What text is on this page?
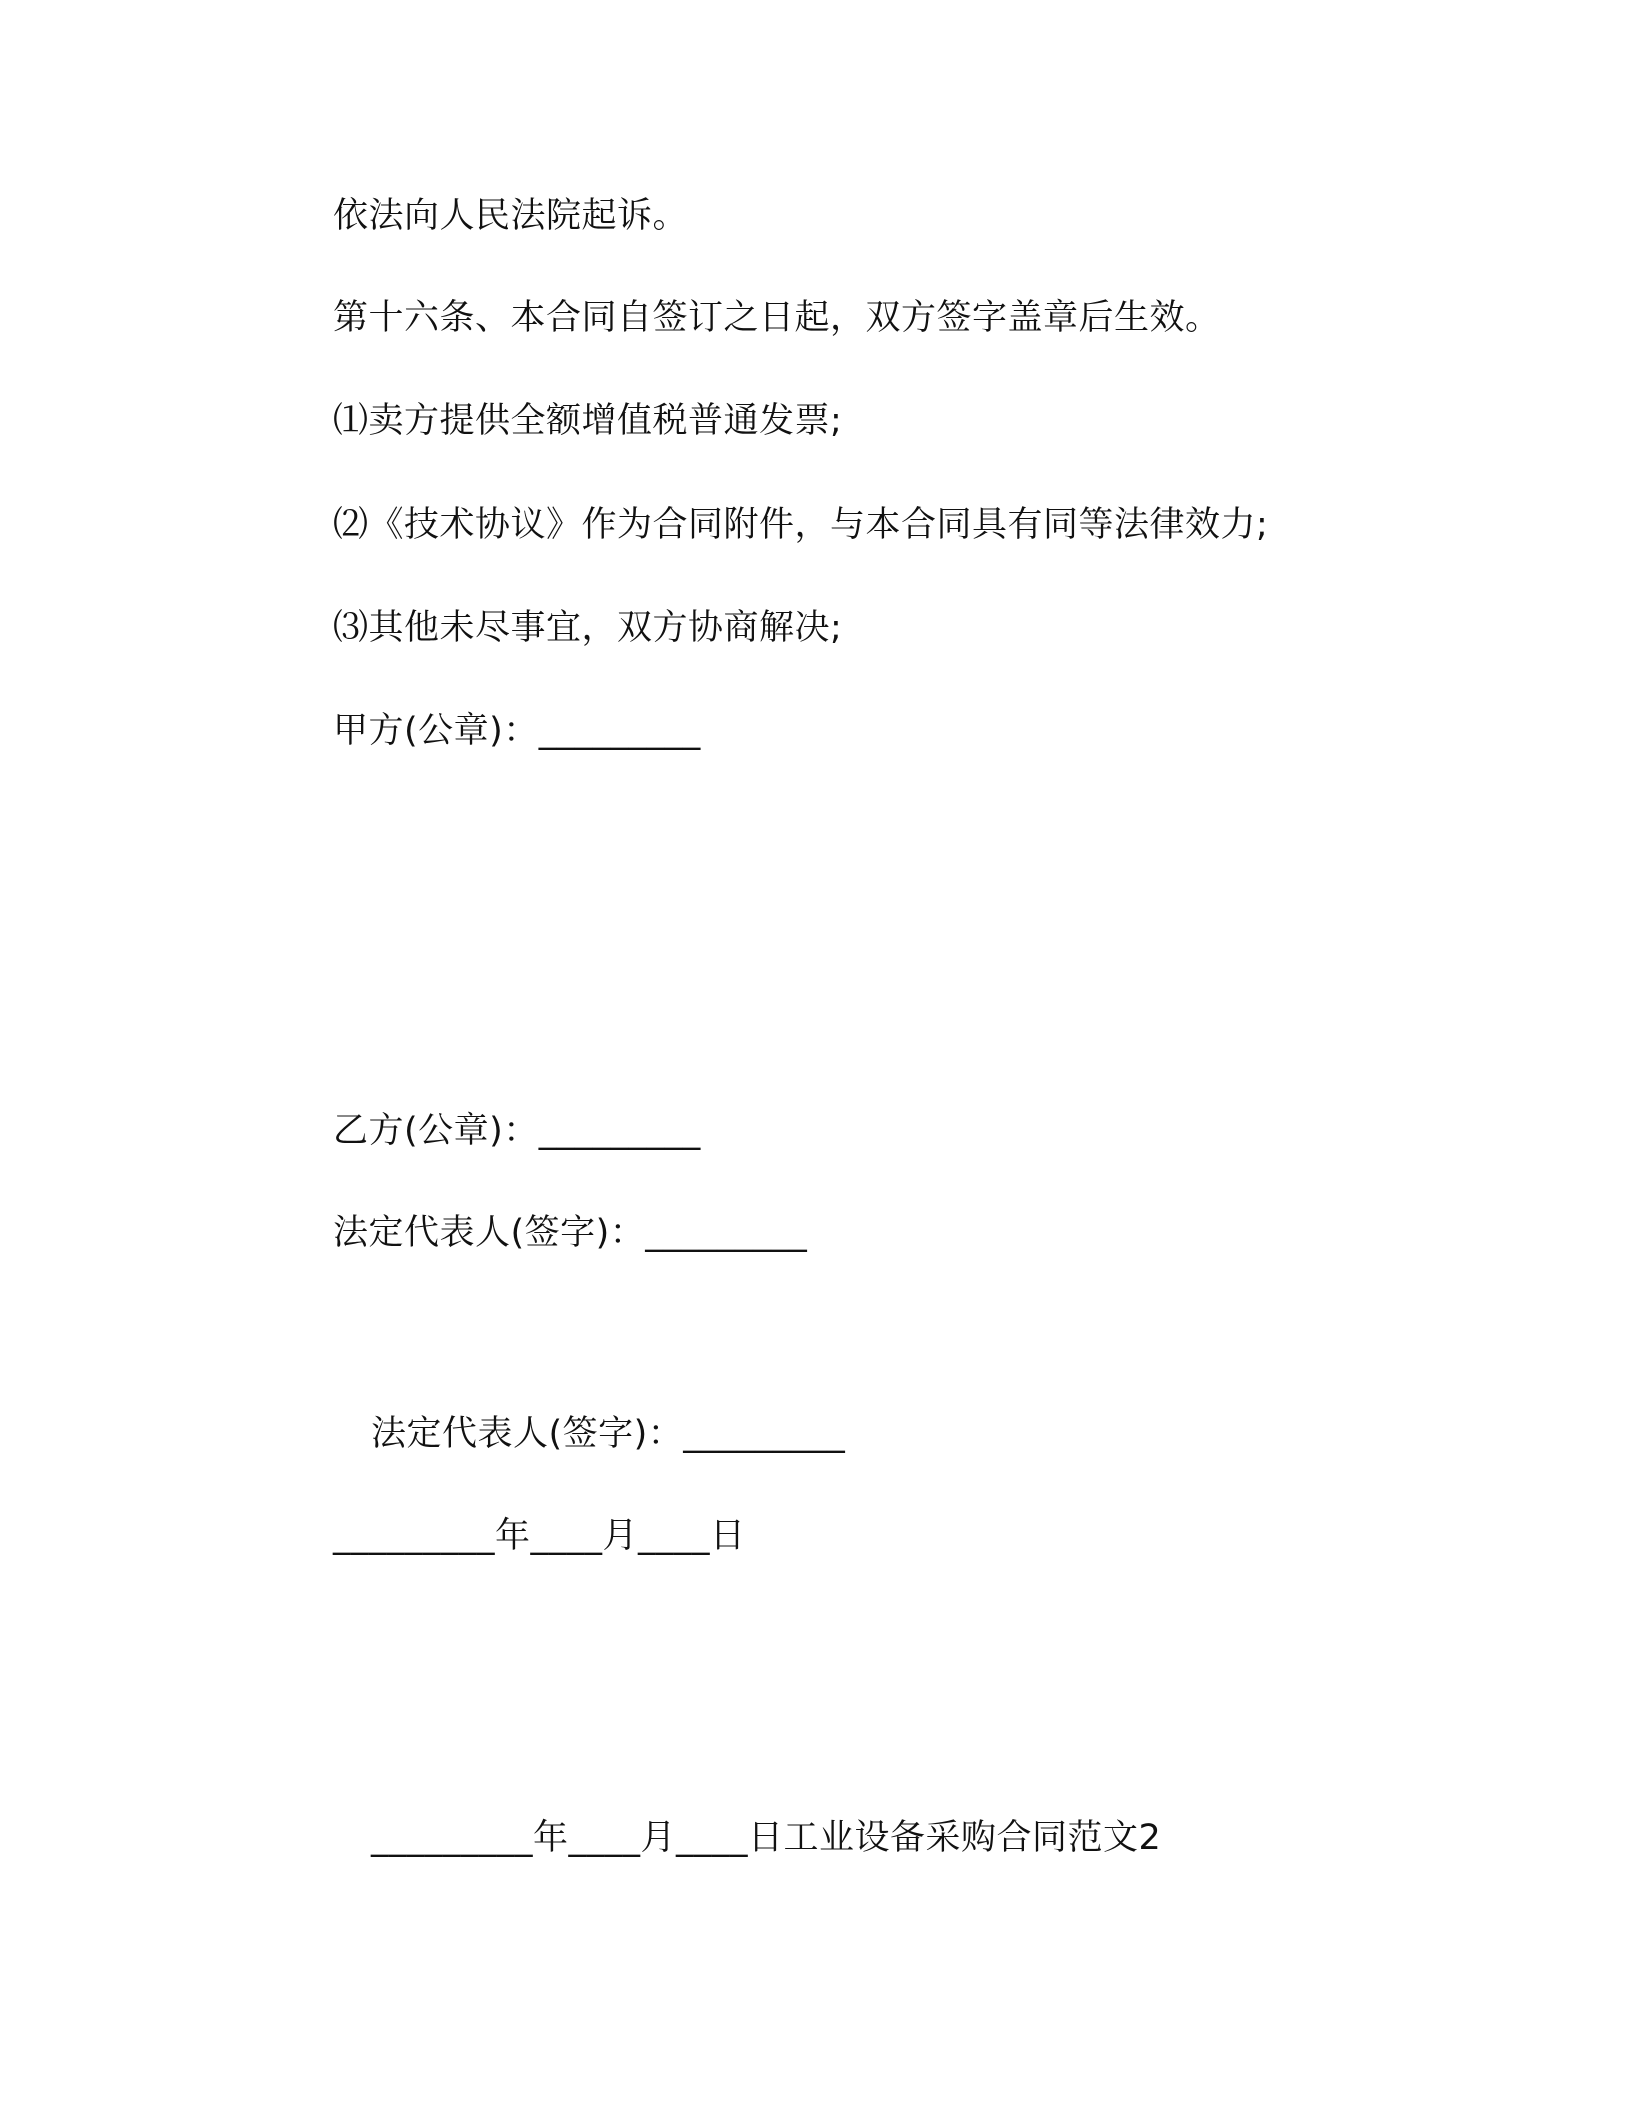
依法向人民法院起诉。
第十六条、本合同自签订之日起，双方签字盖章后生效。
⑴卖方提供全额增值税普通发票;
⑵《技术协议》作为合同附件，与本合同具有同等法律效力;
⑶其他未尽事宜，双方协商解决;
甲方(公章)：_________
乙方(公章)：_________
法定代表人(签字)：_________
法定代表人(签字)：_________
_________年____月____日
_________年____月____日工业设备采购合同范文2
